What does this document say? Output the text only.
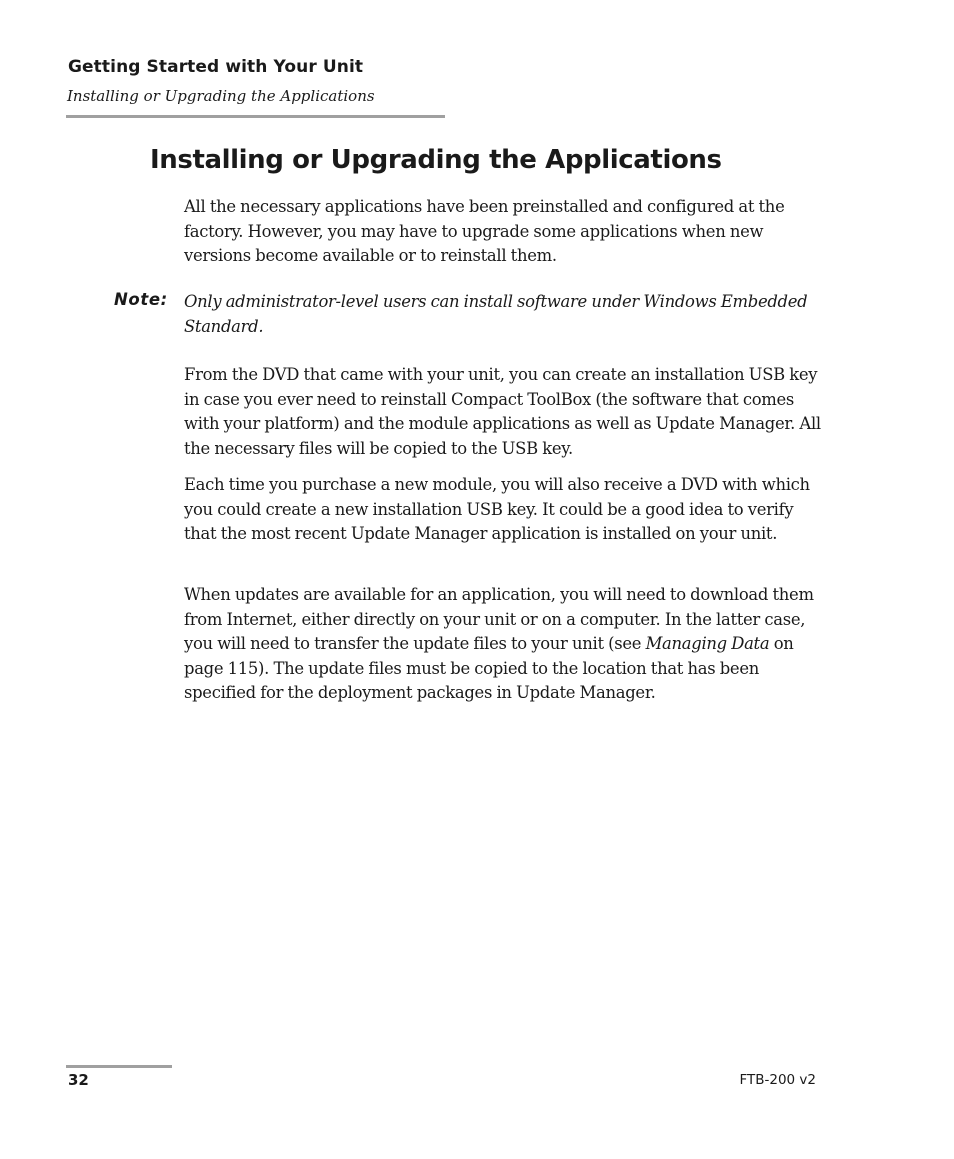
Getting Started with Your Unit
Installing or Upgrading the Applications
Installing or Upgrading the Applications

All the necessary applications have been preinstalled and configured at the factory. However, you may have to upgrade some applications when new versions become available or to reinstall them.

Note: Only administrator-level users can install software under Windows Embedded Standard.

From the DVD that came with your unit, you can create an installation USB key in case you ever need to reinstall Compact ToolBox (the software that comes with your platform) and the module applications as well as Update Manager. All the necessary files will be copied to the USB key.

Each time you purchase a new module, you will also receive a DVD with which you could create a new installation USB key. It could be a good idea to verify that the most recent Update Manager application is installed on your unit.

When updates are available for an application, you will need to download them from Internet, either directly on your unit or on a computer. In the latter case, you will need to transfer the update files to your unit (see Managing Data on page 115). The update files must be copied to the location that has been specified for the deployment packages in Update Manager.

32	FTB-200 v2
